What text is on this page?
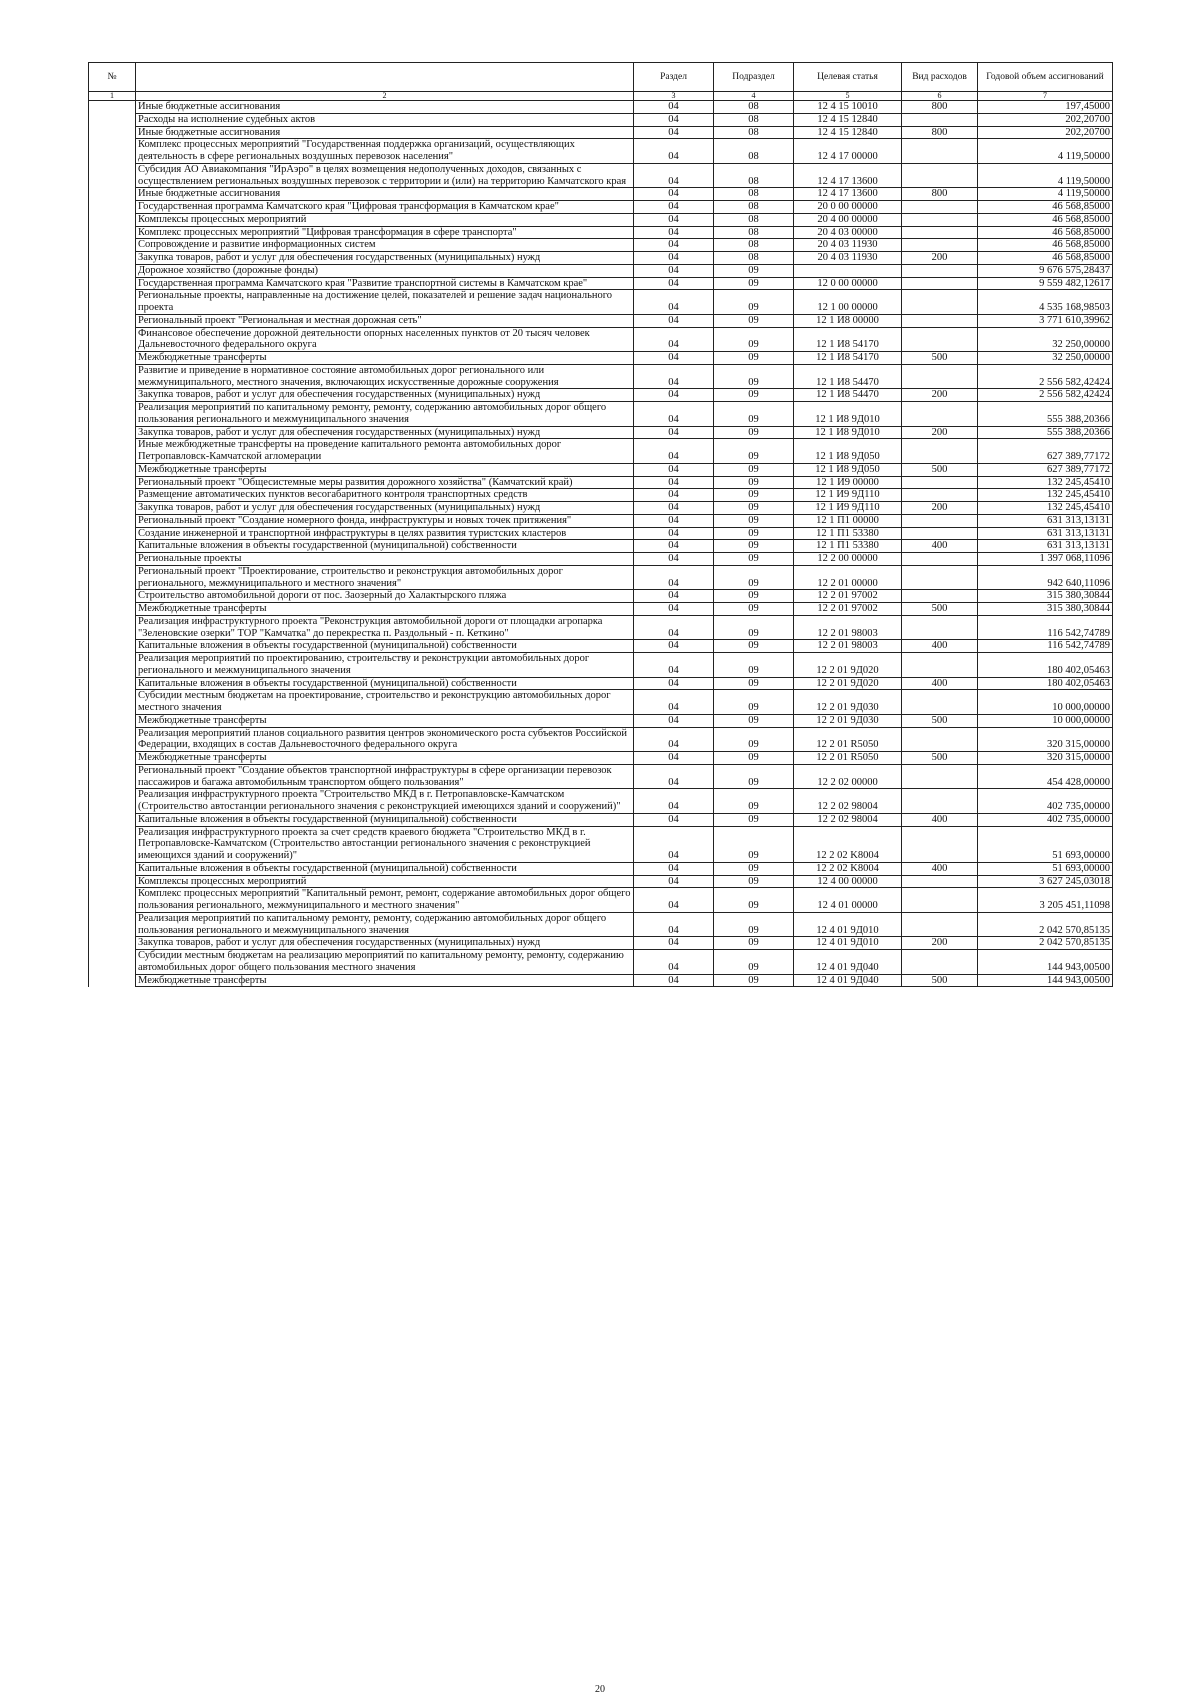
№		Раздел	Подраздел	Целевая статья	Вид расходов	Годовой объем ассигнований
1	2	3	4	5	6	7
	Иные бюджетные ассигнования	04	08	12 4 15 10010	800	197,45000
	Расходы на исполнение судебных актов	04	08	12 4 15 12840		202,20700
	Иные бюджетные ассигнования	04	08	12 4 15 12840	800	202,20700
	Комплекс процессных мероприятий "Государственная поддержка организаций, осуществляющих деятельность в сфере региональных воздушных перевозок населения"	04	08	12 4 17 00000		4 119,50000
	Субсидия АО Авиакомпания "ИрАэро" в целях возмещения недополученных доходов, связанных с осуществлением региональных воздушных перевозок с территории и (или) на территорию Камчатского края	04	08	12 4 17 13600		4 119,50000
	Иные бюджетные ассигнования	04	08	12 4 17 13600	800	4 119,50000
	Государственная программа Камчатского края "Цифровая трансформация в Камчатском крае"	04	08	20 0 00 00000		46 568,85000
	Комплексы процессных мероприятий	04	08	20 4 00 00000		46 568,85000
	Комплекс процессных мероприятий "Цифровая трансформация в сфере транспорта"	04	08	20 4 03 00000		46 568,85000
	Сопровождение и развитие информационных систем	04	08	20 4 03 11930		46 568,85000
	Закупка товаров, работ и услуг для обеспечения государственных (муниципальных) нужд	04	08	20 4 03 11930	200	46 568,85000
	Дорожное хозяйство (дорожные фонды)	04	09			9 676 575,28437
	Государственная программа Камчатского края "Развитие транспортной системы в Камчатском крае"	04	09	12 0 00 00000		9 559 482,12617
	Региональные проекты, направленные на достижение целей, показателей и решение задач национального проекта	04	09	12 1 00 00000		4 535 168,98503
	Региональный проект "Региональная и местная дорожная сеть"	04	09	12 1 И8 00000		3 771 610,39962
	Финансовое обеспечение дорожной деятельности опорных населенных пунктов от 20 тысяч человек Дальневосточного федерального округа	04	09	12 1 И8 54170		32 250,00000
	Межбюджетные трансферты	04	09	12 1 И8 54170	500	32 250,00000
	Развитие и приведение в нормативное состояние автомобильных дорог регионального или межмуниципального, местного значения, включающих искусственные дорожные сооружения	04	09	12 1 И8 54470		2 556 582,42424
	Закупка товаров, работ и услуг для обеспечения государственных (муниципальных) нужд	04	09	12 1 И8 54470	200	2 556 582,42424
	Реализация мероприятий по капитальному ремонту, ремонту, содержанию автомобильных дорог общего пользования регионального и межмуниципального значения	04	09	12 1 И8 9Д010		555 388,20366
	Закупка товаров, работ и услуг для обеспечения государственных (муниципальных) нужд	04	09	12 1 И8 9Д010	200	555 388,20366
	Иные межбюджетные трансферты на проведение капитального ремонта автомобильных дорог Петропавловск-Камчатской агломерации	04	09	12 1 И8 9Д050		627 389,77172
	Межбюджетные трансферты	04	09	12 1 И8 9Д050	500	627 389,77172
	Региональный проект "Общесистемные меры развития дорожного хозяйства" (Камчатский край)	04	09	12 1 И9 00000		132 245,45410
	Размещение автоматических пунктов весогабаритного контроля транспортных средств	04	09	12 1 И9 9Д110		132 245,45410
	Закупка товаров, работ и услуг для обеспечения государственных (муниципальных) нужд	04	09	12 1 И9 9Д110	200	132 245,45410
	Региональный проект "Создание номерного фонда, инфраструктуры и новых точек притяжения"	04	09	12 1 П1 00000		631 313,13131
	Создание инженерной и транспортной инфраструктуры в целях развития туристских кластеров	04	09	12 1 П1 53380		631 313,13131
	Капитальные вложения в объекты государственной (муниципальной) собственности	04	09	12 1 П1 53380	400	631 313,13131
	Региональные проекты	04	09	12 2 00 00000		1 397 068,11096
	Региональный проект "Проектирование, строительство и реконструкция автомобильных дорог регионального, межмуниципального и местного значения"	04	09	12 2 01 00000		942 640,11096
	Строительство автомобильной дороги от пос. Заозерный до Халактырского пляжа	04	09	12 2 01 97002		315 380,30844
	Межбюджетные трансферты	04	09	12 2 01 97002	500	315 380,30844
	Реализация инфраструктурного проекта "Реконструкция автомобильной дороги от площадки агропарка "Зеленовские озерки" ТОР "Камчатка" до перекрестка п. Раздольный - п. Кеткино"	04	09	12 2 01 98003		116 542,74789
	Капитальные вложения в объекты государственной (муниципальной) собственности	04	09	12 2 01 98003	400	116 542,74789
	Реализация мероприятий по проектированию, строительству и реконструкции автомобильных дорог регионального и межмуниципального значения	04	09	12 2 01 9Д020		180 402,05463
	Капитальные вложения в объекты государственной (муниципальной) собственности	04	09	12 2 01 9Д020	400	180 402,05463
	Субсидии местным бюджетам на проектирование, строительство и реконструкцию автомобильных дорог местного значения	04	09	12 2 01 9Д030		10 000,00000
	Межбюджетные трансферты	04	09	12 2 01 9Д030	500	10 000,00000
	Реализация мероприятий планов социального развития центров экономического роста субъектов Российской Федерации, входящих в состав Дальневосточного федерального округа	04	09	12 2 01 R5050		320 315,00000
	Межбюджетные трансферты	04	09	12 2 01 R5050	500	320 315,00000
	Региональный проект "Создание объектов транспортной инфраструктуры в сфере организации перевозок пассажиров и багажа автомобильным транспортом общего пользования"	04	09	12 2 02 00000		454 428,00000
	Реализация инфраструктурного проекта "Строительство МКД в г. Петропавловске-Камчатском (Строительство автостанции регионального значения с реконструкцией имеющихся зданий и сооружений)"	04	09	12 2 02 98004		402 735,00000
	Капитальные вложения в объекты государственной (муниципальной) собственности	04	09	12 2 02 98004	400	402 735,00000
	Реализация инфраструктурного проекта за счет средств краевого бюджета "Строительство МКД в г. Петропавловске-Камчатском (Строительство автостанции регионального значения с реконструкцией имеющихся зданий и сооружений)"	04	09	12 2 02 K8004		51 693,00000
	Капитальные вложения в объекты государственной (муниципальной) собственности	04	09	12 2 02 K8004	400	51 693,00000
	Комплексы процессных мероприятий	04	09	12 4 00 00000		3 627 245,03018
	Комплекс процессных мероприятий "Капитальный ремонт, ремонт, содержание автомобильных дорог общего пользования регионального, межмуниципального и местного значения"	04	09	12 4 01 00000		3 205 451,11098
	Реализация мероприятий по капитальному ремонту, ремонту, содержанию автомобильных дорог общего пользования регионального и межмуниципального значения	04	09	12 4 01 9Д010		2 042 570,85135
	Закупка товаров, работ и услуг для обеспечения государственных (муниципальных) нужд	04	09	12 4 01 9Д010	200	2 042 570,85135
	Субсидии местным бюджетам на реализацию мероприятий по капитальному ремонту, ремонту, содержанию автомобильных дорог общего пользования местного значения	04	09	12 4 01 9Д040		144 943,00500
	Межбюджетные трансферты	04	09	12 4 01 9Д040	500	144 943,00500
20
